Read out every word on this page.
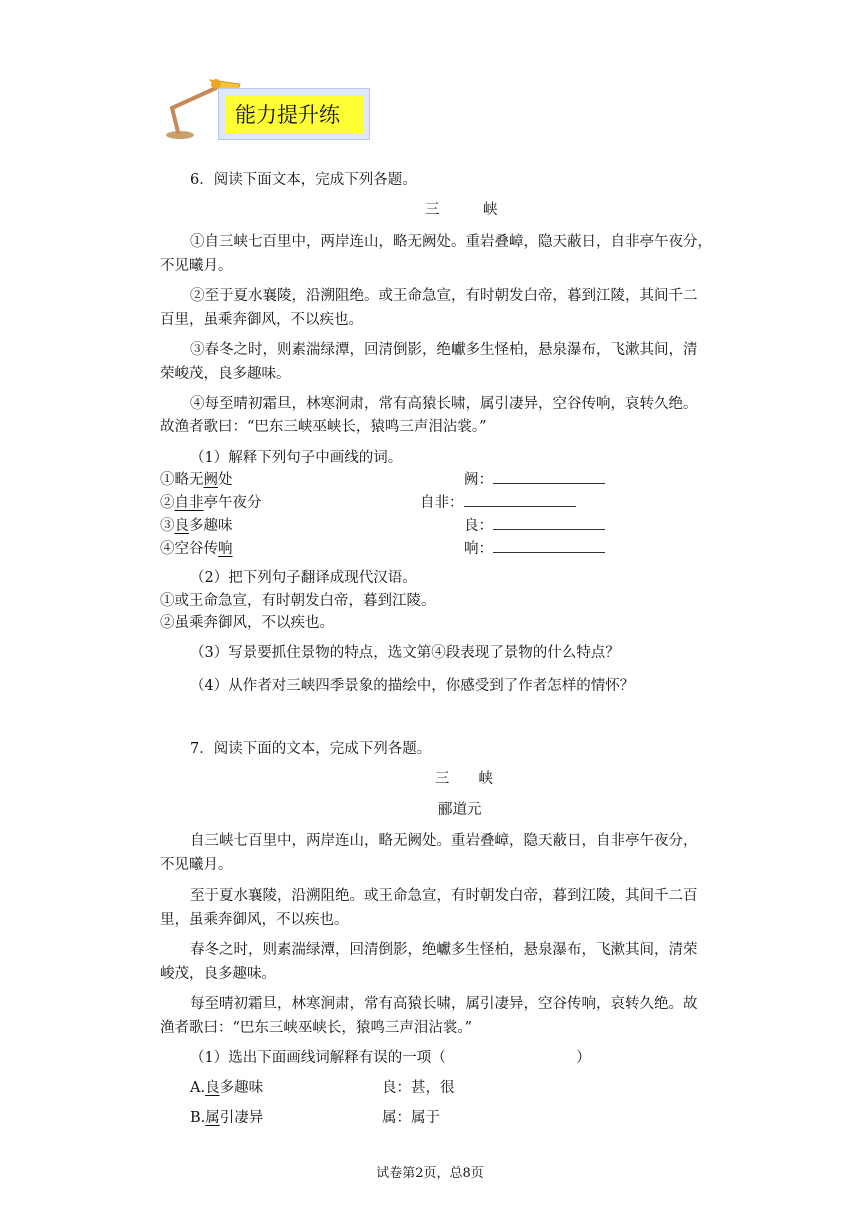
能力提升练
6．阅读下面文本，完成下列各题。
三　　　峡
①自三峡七百里中，两岸连山，略无阙处。重岩叠嶂，隐天蔽日，自非亭午夜分，
不见曦月。
②至于夏水襄陵，沿溯阻绝。或王命急宣，有时朝发白帝，暮到江陵，其间千二
百里，虽乘奔御风，不以疾也。
③春冬之时，则素湍绿潭，回清倒影，绝巘多生怪柏，悬泉瀑布，飞漱其间，清
荣峻茂，良多趣味。
④每至晴初霜旦，林寒涧肃，常有高猿长啸，属引凄异，空谷传响，哀转久绝。
故渔者歌曰：“巴东三峡巫峡长，猿鸣三声泪沾裳。”
（1）解释下列句子中画线的词。
①略无阙处	阙：
②自非亭午夜分	自非：
③良多趣味	良：
④空谷传响	响：
（2）把下列句子翻译成现代汉语。
①或王命急宣，有时朝发白帝，暮到江陵。
②虽乘奔御风，不以疾也。
（3）写景要抓住景物的特点，选文第④段表现了景物的什么特点？
（4）从作者对三峡四季景象的描绘中，你感受到了作者怎样的情怀？
7．阅读下面的文本，完成下列各题。
三　　峡
郦道元
自三峡七百里中，两岸连山，略无阙处。重岩叠嶂，隐天蔽日，自非亭午夜分，
不见曦月。
至于夏水襄陵，沿溯阻绝。或王命急宣，有时朝发白帝，暮到江陵，其间千二百
里，虽乘奔御风，不以疾也。
春冬之时，则素湍绿潭，回清倒影，绝巘多生怪柏，悬泉瀑布，飞漱其间，清荣
峻茂，良多趣味。
每至晴初霜旦，林寒涧肃，常有高猿长啸，属引凄异，空谷传响，哀转久绝。故
渔者歌曰：“巴东三峡巫峡长，猿鸣三声泪沾裳。”
（1）选出下面画线词解释有误的一项（　　　　　　　　　）
A.良多趣味	良：甚，很
B.属引凄异	属：属于
试卷第2页，总8页
